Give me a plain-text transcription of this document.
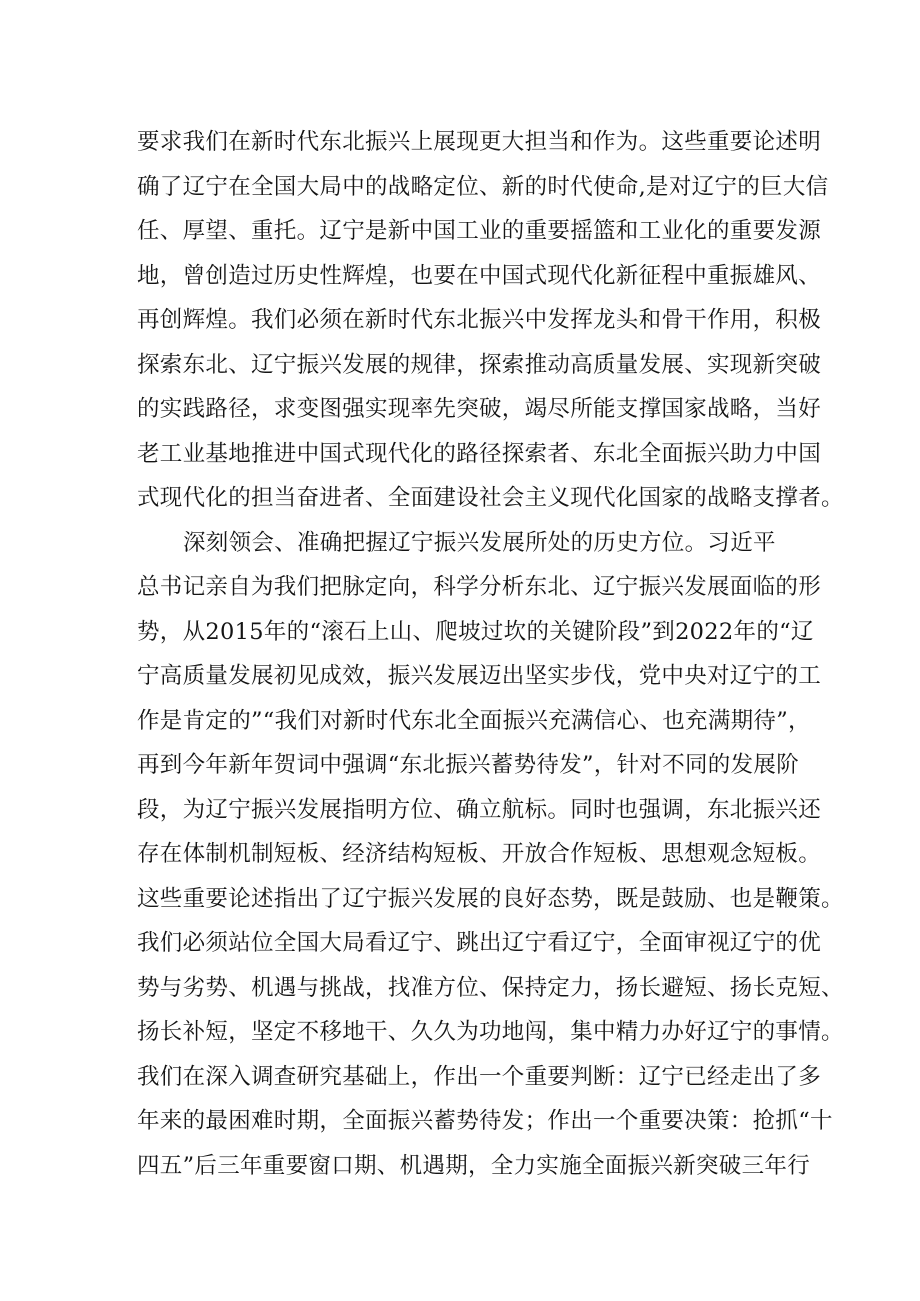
要求我们在新时代东北振兴上展现更大担当和作为。这些重要论述明
确了辽宁在全国大局中的战略定位、新的时代使命,是对辽宁的巨大信
任、厚望、重托。辽宁是新中国工业的重要摇篮和工业化的重要发源
地，曾创造过历史性辉煌，也要在中国式现代化新征程中重振雄风、
再创辉煌。我们必须在新时代东北振兴中发挥龙头和骨干作用，积极
探索东北、辽宁振兴发展的规律，探索推动高质量发展、实现新突破
的实践路径，求变图强实现率先突破，竭尽所能支撑国家战略，当好
老工业基地推进中国式现代化的路径探索者、东北全面振兴助力中国
式现代化的担当奋进者、全面建设社会主义现代化国家的战略支撑者。
深刻领会、准确把握辽宁振兴发展所处的历史方位。习近平
总书记亲自为我们把脉定向，科学分析东北、辽宁振兴发展面临的形
势，从2015年的“滚石上山、爬坡过坎的关键阶段”到2022年的“辽
宁高质量发展初见成效，振兴发展迈出坚实步伐，党中央对辽宁的工
作是肯定的”“我们对新时代东北全面振兴充满信心、也充满期待”，
再到今年新年贺词中强调“东北振兴蓄势待发”，针对不同的发展阶
段，为辽宁振兴发展指明方位、确立航标。同时也强调，东北振兴还
存在体制机制短板、经济结构短板、开放合作短板、思想观念短板。
这些重要论述指出了辽宁振兴发展的良好态势，既是鼓励、也是鞭策。
我们必须站位全国大局看辽宁、跳出辽宁看辽宁，全面审视辽宁的优
势与劣势、机遇与挑战，找准方位、保持定力，扬长避短、扬长克短、
扬长补短，坚定不移地干、久久为功地闯，集中精力办好辽宁的事情。
我们在深入调查研究基础上，作出一个重要判断：辽宁已经走出了多
年来的最困难时期，全面振兴蓄势待发；作出一个重要决策：抢抓“十
四五”后三年重要窗口期、机遇期，全力实施全面振兴新突破三年行
